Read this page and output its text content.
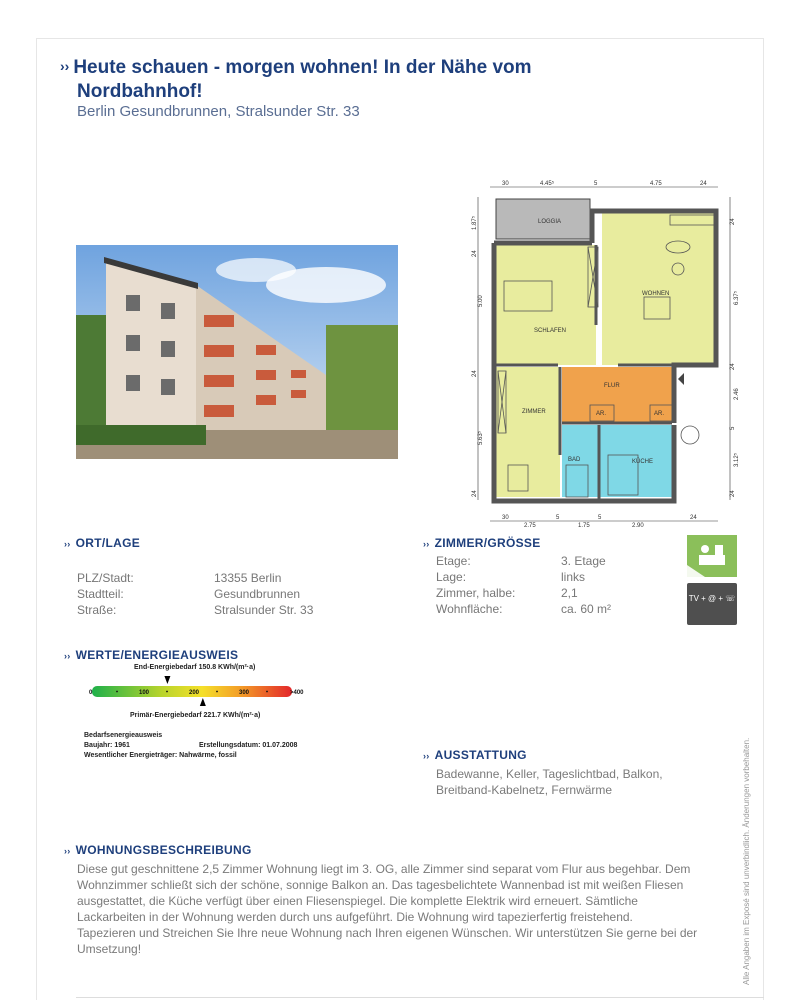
›› Heute schauen - morgen wohnen! In der Nähe vom
Nordbahnhof!
Berlin Gesundbrunnen, Stralsunder Str. 33
30	4.45⁵	5	4.75	24
30
2.75
5
1.75
5
2.90
24
1.87⁵
24
5.00
24
5.63⁵
24
24
6.37⁵
24
2.46
5
3.12⁵
24
LOGGIA
WOHNEN
SCHLAFEN
FLUR
ZIMMER	AR.	AR.
BAD	KÜCHE
›› ORT/LAGE
PLZ/Stadt:	13355 Berlin
Stadtteil:	Gesundbrunnen
Straße:	Stralsunder Str. 33
›› ZIMMER/GRÖSSE
Etage:	3. Etage
Lage:	links
Zimmer, halbe:	2,1
Wohnfläche:	ca. 60 m²
TV + @ + ☏
›› WERTE/ENERGIEAUSWEIS
End-Energiebedarf 150.8 KWh/(m²·a)
0	100	200	300	>400
Primär-Energiebedarf 221.7 KWh/(m²·a)
Bedarfsenergieausweis
Baujahr: 1961	Erstellungsdatum: 01.07.2008
Wesentlicher Energieträger: Nahwärme, fossil	›› AUSSTATTUNG
Badewanne, Keller, Tageslichtbad, Balkon,
Breitband-Kabelnetz, Fernwärme
›› WOHNUNGSBESCHREIBUNG
Diese gut geschnittene 2,5 Zimmer Wohnung liegt im 3. OG, alle Zimmer sind separat vom Flur aus begehbar. Dem
Wohnzimmer schließt sich der schöne, sonnige Balkon an. Das tagesbelichtete Wannenbad ist mit weißen Fliesen
ausgestattet, die Küche verfügt über einen Fliesenspiegel. Die komplette Elektrik wird erneuert. Sämtliche
Lackarbeiten in der Wohnung werden durch uns aufgeführt. Die Wohnung wird tapezierfertig freistehend.
Tapezieren und Streichen Sie Ihre neue Wohnung nach Ihren eigenen Wünschen. Wir unterstützen Sie gerne bei der
Umsetzung!	Alle Angaben im Exposé sind unverbindlich. Änderungen vorbehalten.
